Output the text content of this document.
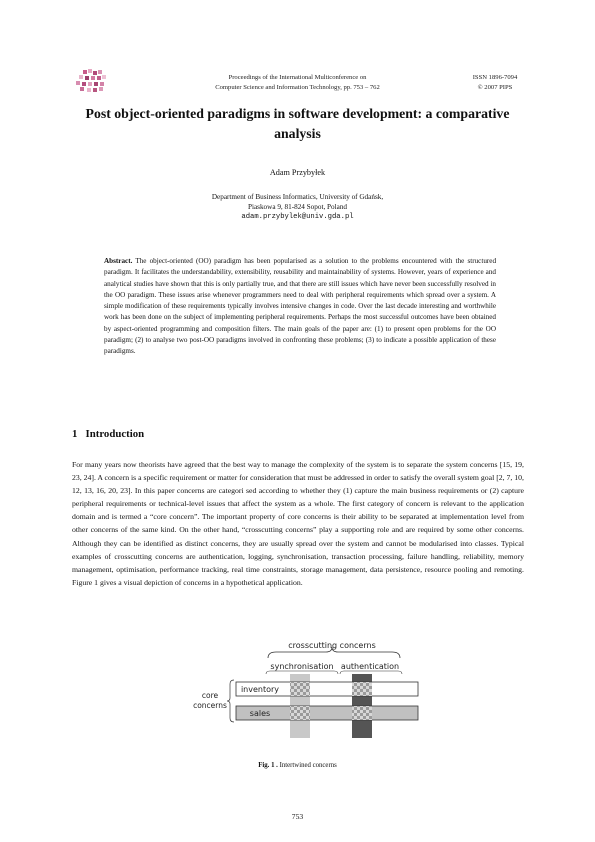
Proceedings of the International Multiconference on
Computer Science and Information Technology, pp. 753 – 762
ISSN 1896-7094
© 2007 PIPS
Post object-oriented paradigms in software development: a comparative analysis
Adam Przybyłek
Department of Business Informatics, University of Gdańsk,
Piaskowa 9, 81-824 Sopot, Poland
adam.przybylek@univ.gda.pl
Abstract. The object-oriented (OO) paradigm has been popularised as a solution to the problems encountered with the structured paradigm. It facilitates the understandability, extensibility, reusability and maintainability of systems. However, years of experience and analytical studies have shown that this is only partially true, and that there are still issues which have never been successfully resolved in the OO paradigm. These issues arise whenever programmers need to deal with peripheral requirements which spread over a system. A simple modification of these requirements typically involves intensive changes in code. Over the last decade interesting and worthwhile work has been done on the subject of implementing peripheral requirements. Perhaps the most successful outcomes have been obtained by aspect-oriented programming and composition filters. The main goals of the paper are: (1) to present open problems for the OO paradigm; (2) to analyse two post-OO paradigms involved in confronting these problems; (3) to indicate a possible application of these paradigms.
1 Introduction
For many years now theorists have agreed that the best way to manage the complexity of the system is to separate the system concerns [15, 19, 23, 24]. A concern is a specific requirement or matter for consideration that must be addressed in order to satisfy the overall system goal [2, 7, 10, 12, 13, 16, 20, 23]. In this paper concerns are categori sed according to whether they (1) capture the main business requirements or (2) capture peripheral requirements or technical-level issues that affect the system as a whole. The first category of concern is relevant to the application domain and is termed a “core concern”. The important property of core concerns is their ability to be separated at implementation level from other concerns of the same kind. On the other hand, “crosscutting concerns” play a supporting role and are required by some other concerns. Although they can be identified as distinct concerns, they are usually spread over the system and cannot be modularised into classes. Typical examples of crosscutting concerns are authentication, logging, synchronisation, transaction processing, failure handling, reliability, memory management, optimisation, performance tracking, real time constraints, storage management, data persistence, resource pooling and remoting. Figure 1 gives a visual depiction of concerns in a hypothetical application.
crosscutting concerns
synchronisation authentication
inventory
sales
core
concerns
Fig. 1 . Intertwined concerns
753
